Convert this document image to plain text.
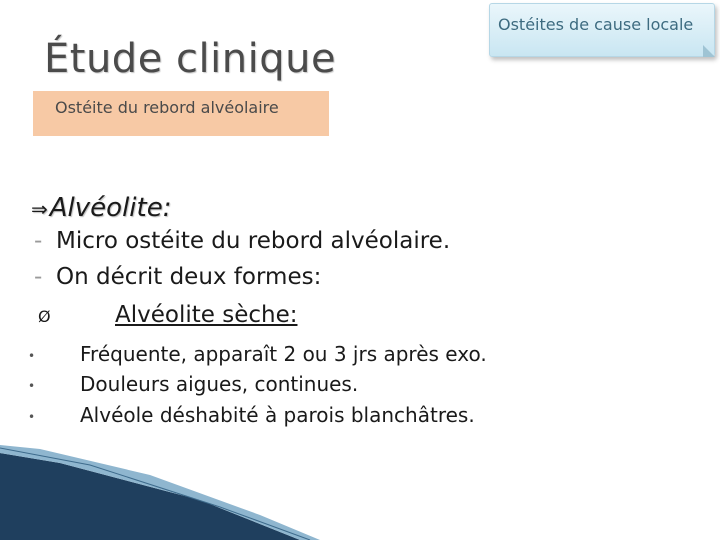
Étude clinique
Ostéites de cause locale
Ostéite du rebord alvéolaire
⇒Alvéolite:
- Micro ostéite du rebord alvéolaire.
- On décrit deux formes:
Ø	Alvéolite sèche:
• Fréquente, apparaît 2 ou 3 jrs après exo.
• Douleurs aigues, continues.
• Alvéole déshabité à parois blanchâtres.
